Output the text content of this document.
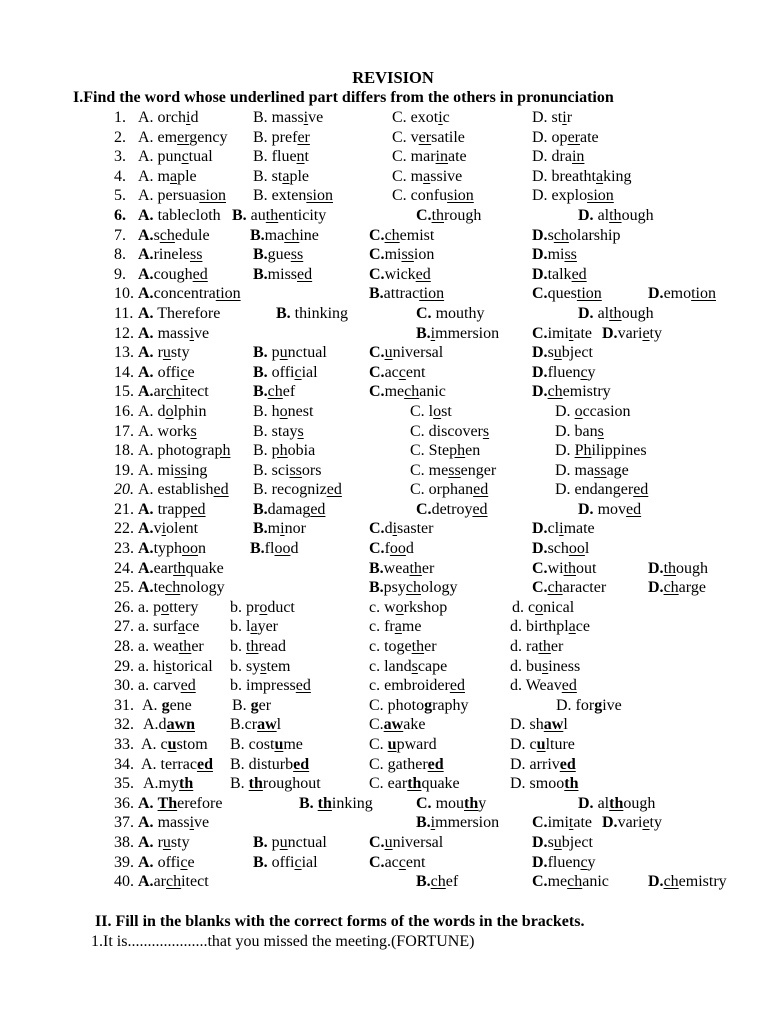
REVISION
I.Find the word whose underlined part differs from the others in pronunciation
1. A. orchid	B. massive	C. exotic	D. stir
2. A. emergency B. prefer	C. versatile	D. operate
3. A. punctual	B. fluent	C. marinate	D. drain
4. A. maple	B. staple	C. massive	D. breathtaking
5. A. persuasion B. extension	C. confusion	D. explosion
6. A. tablecloth B. authenticity	C.through	D. although
7. A.schedule	B.machine	C.chemist	D.scholarship
8. A.rineless	B.guess	C.mission	D.miss
9. A.coughed	B.missed	C.wicked	D.talked
10. A.concentration	B.attraction	C.question	D.emotion
11. A. Therefore	B. thinking	C. mouthy	D. although
12. A. massive	B.immersion C.imitate D.variety
13. A. rusty	B. punctual	C.universal	D.subject
14. A. office	B. official	C.accent	D.fluency
15. A.architect	B.chef	C.mechanic	D.chemistry
16. A. dolphin	B. honest	C. lost	D. occasion
17. A. works	B. stays	C. discovers	D. bans
18. A. photograph B. phobia	C. Stephen	D. Philippines
19. A. missing	B. scissors	C. messenger	D. massage
20. A. established B. recognized	C. orphaned	D. endangered
21. A. trapped	B.damaged	C.detroyed	D. moved
22. A.violent	B.minor	C.disaster	D.climate
23. A.typhoon	B.flood	C.food	D.school
24. A.earthquake	B.weather	C.without	D.though
25. A.technology	B.psychology	C.character	D.charge
26. a. pottery b. product	c. workshop	d. conical
27. a. surface b. layer	c. frame	d. birthplace
28. a. weather b. thread	c. together	d. rather
29. a. historical b. system	c. landscape	d. business
30. a. carved b. impressed	c. embroidered	d. Weaved
31. A. gene	B. ger	C. photography	D. forgive
32. A.dawn B.crawl	C.awake	D. shawl
33. A. custom B. costume	C. upward	D. culture
34. A. terraced B. disturbed	C. gathered	D. arrived
35. A.myth B. throughout	C. earthquake	D. smooth
36. A. Therefore	B. thinking	C. mouthy	D. although
37. A. massive	B.immersion C.imitate D.variety
38. A. rusty	B. punctual	C.universal	D.subject
39. A. office	B. official	C.accent	D.fluency
40. A.architect	B.chef	C.mechanic D.chemistry
II. Fill in the blanks with the correct forms of the words in the brackets.
1.It is....................that you missed the meeting.(FORTUNE)
